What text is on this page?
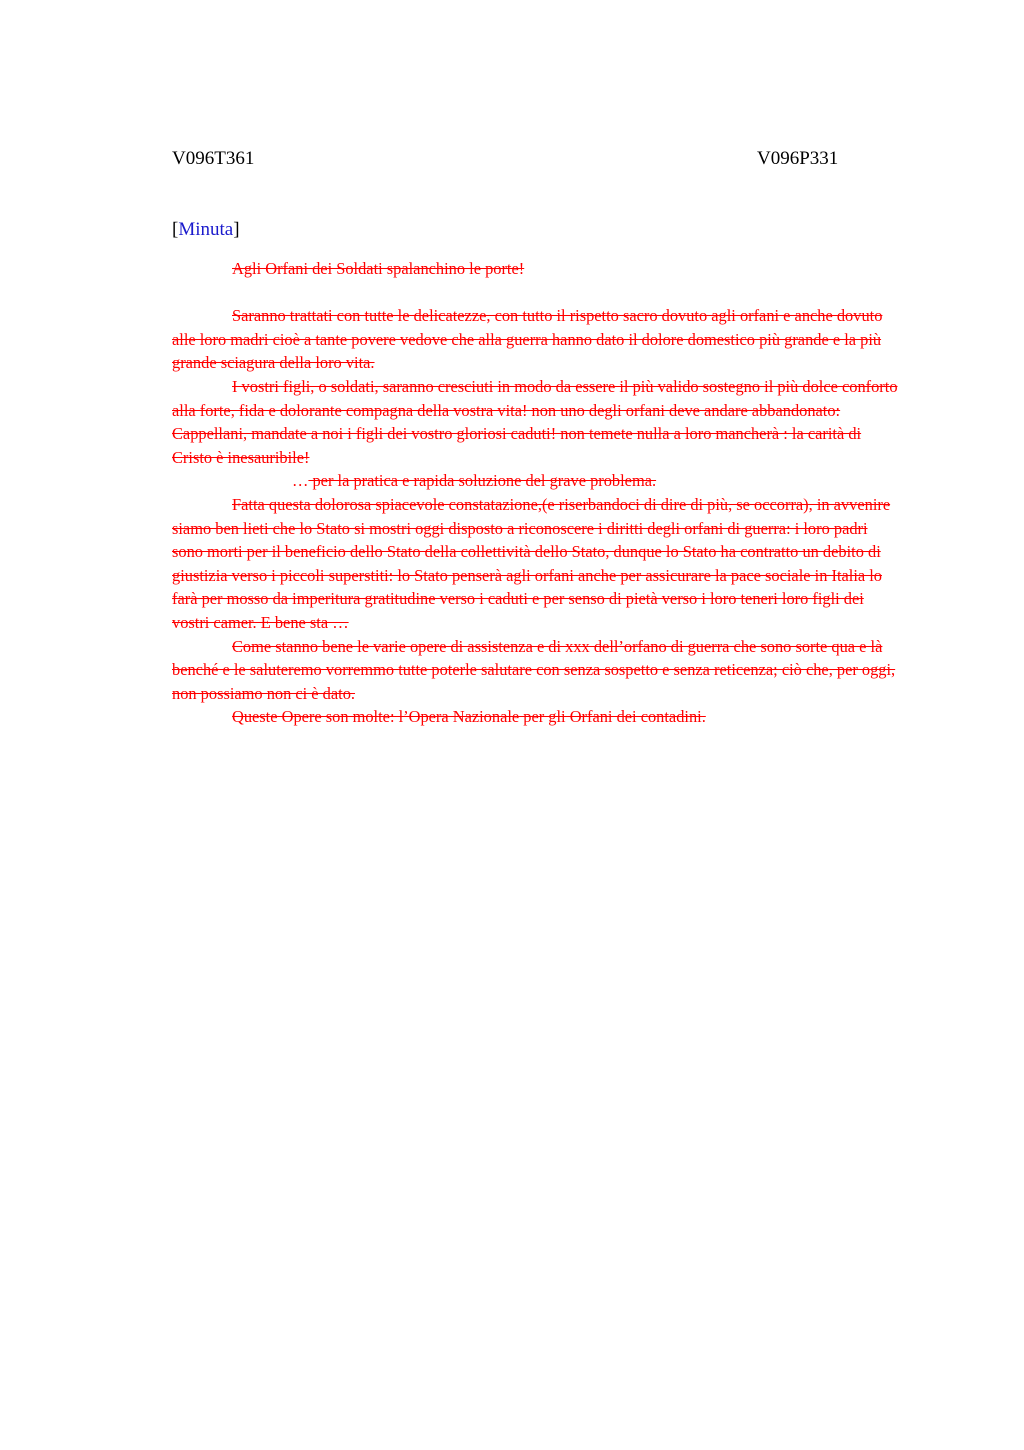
V096T361	V096P331
[Minuta]

Agli Orfani dei Soldati spalanchino le porte!

Saranno trattati con tutte le delicatezze, con tutto il rispetto sacro dovuto agli orfani e anche dovuto alle loro madri cioè a tante povere vedove che alla guerra hanno dato il dolore domestico più grande e la più grande sciagura della loro vita.

I vostri figli, o soldati, saranno cresciuti in modo da essere il più valido sostegno il più dolce conforto alla forte, fida e dolorante compagna della vostra vita! non uno degli orfani deve andare abbandonato: Cappellani, mandate a noi i figli dei vostro gloriosi caduti! non temete nulla a loro mancherà : la carità di Cristo è inesauribile!

… per la pratica e rapida soluzione del grave problema.

Fatta questa dolorosa spiacevole constatazione,(e riserbandoci di dire di più, se occorra), in avvenire siamo ben lieti che lo Stato si mostri oggi disposto a riconoscere i diritti degli orfani di guerra: i loro padri sono morti per il beneficio dello Stato della collettività dello Stato, dunque lo Stato ha contratto un debito di giustizia verso i piccoli superstiti: lo Stato penserà agli orfani anche per assicurare la pace sociale in Italia lo farà per mosso da imperitura gratitudine verso i caduti e per senso di pietà verso i loro teneri loro figli dei vostri camer. E bene sta …

Come stanno bene le varie opere di assistenza e di xxx dell’orfano di guerra che sono sorte qua e là benché e le saluteremo vorremmo tutte poterle salutare con senza sospetto e senza reticenza; ciò che, per oggi, non possiamo non ci è dato.

Queste Opere son molte: l’Opera Nazionale per gli Orfani dei contadini.
